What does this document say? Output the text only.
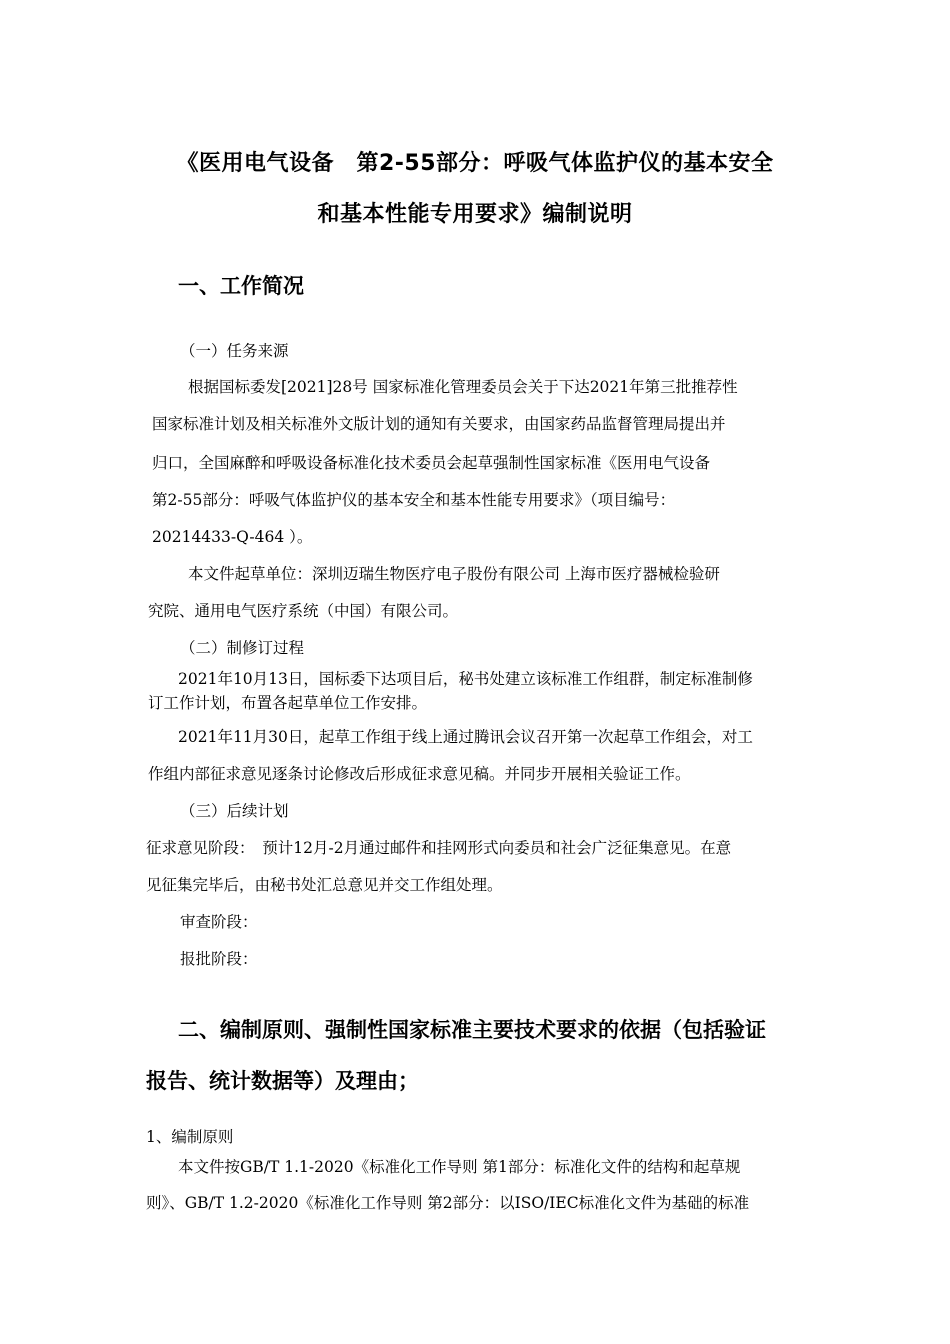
《医用电气设备　第2-55部分：呼吸气体监护仪的基本安全
和基本性能专用要求》编制说明
一、工作简况
（一）任务来源
根据国标委发[2021]28号 国家标准化管理委员会关于下达2021年第三批推荐性
国家标准计划及相关标准外文版计划的通知有关要求，由国家药品监督管理局提出并
归口，全国麻醉和呼吸设备标准化技术委员会起草强制性国家标准《医用电气设备
第2-55部分：呼吸气体监护仪的基本安全和基本性能专用要求》（项目编号：
20214433-Q-464 ）。
本文件起草单位：深圳迈瑞生物医疗电子股份有限公司 上海市医疗器械检验研
究院、通用电气医疗系统（中国）有限公司。
（二）制修订过程
2021年10月13日，国标委下达项目后，秘书处建立该标准工作组群，制定标准制修
订工作计划，布置各起草单位工作安排。
2021年11月30日，起草工作组于线上通过腾讯会议召开第一次起草工作组会，对工
作组内部征求意见逐条讨论修改后形成征求意见稿。并同步开展相关验证工作。
（三）后续计划
征求意见阶段：　预计12月-2月通过邮件和挂网形式向委员和社会广泛征集意见。在意
见征集完毕后，由秘书处汇总意见并交工作组处理。
审查阶段：
报批阶段：
二、编制原则、强制性国家标准主要技术要求的依据（包括验证
报告、统计数据等）及理由；
1、编制原则
本文件按GB/T 1.1-2020《标准化工作导则 第1部分：标准化文件的结构和起草规
则》、GB/T 1.2-2020《标准化工作导则 第2部分：以ISO/IEC标准化文件为基础的标准
